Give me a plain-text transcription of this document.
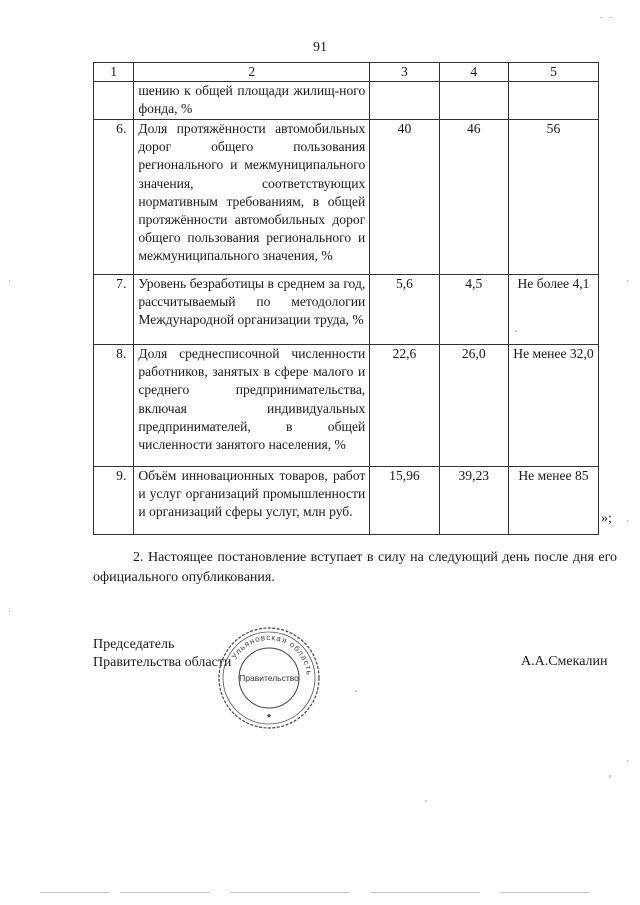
91
1	2	3	4	5
	шению к общей площади жилищ-ного фонда, %			
6.	Доля протяжённости автомобильных дорог общего пользования регионального и межмуниципального значения, соответствующих нормативным требованиям, в общей протяжённости автомобильных дорог общего пользования регионального и межмуниципального значения, %	40	46	56
7.	Уровень безработицы в среднем за год, рассчитываемый по методологии Международной организации труда, %	5,6	4,5	Не более 4,1
8.	Доля среднесписочной численности работников, занятых в сфере малого и среднего предпринимательства, включая индивидуальных предпринимателей, в общей численности занятого населения, %	22,6	26,0	Не менее 32,0
9.	Объём инновационных товаров, работ и услуг организаций промышленности и организаций сферы услуг, млн руб.	15,96	39,23	Не менее 85
»;
2. Настоящее постановление вступает в силу на следующий день после дня его официального опубликования.
Председатель
Правительства области
Ульяновская область
Правительство
★
А.А.Смекалин
